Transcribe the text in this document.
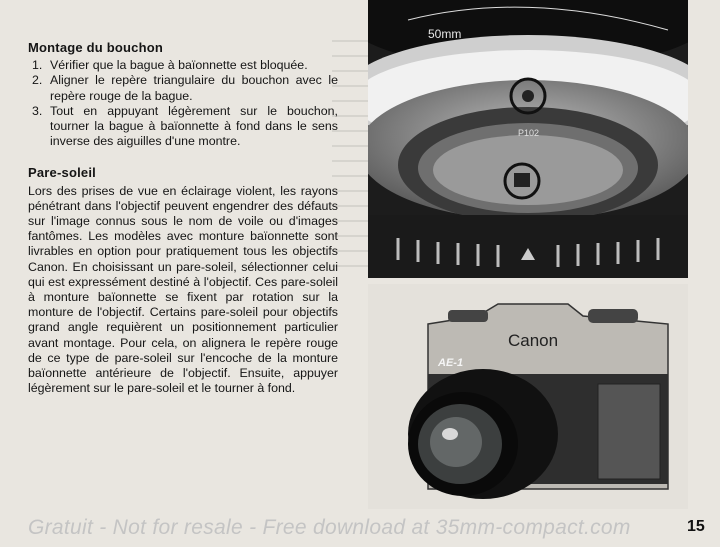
Montage du bouchon
1. Vérifier que la bague à baïonnette est bloquée.
2. Aligner le repère triangulaire du bouchon avec le repère rouge de la bague.
3. Tout en appuyant légèrement sur le bouchon, tourner la bague à baïonnette à fond dans le sens inverse des aiguilles d'une montre.
Pare-soleil

Lors des prises de vue en éclairage violent, les rayons pénétrant dans l'objectif peuvent engendrer des défauts sur l'image connus sous le nom de voile ou d'images fantômes. Les modèles avec monture baïonnette sont livrables en option pour pratiquement tous les objectifs Canon. En choisissant un pare-soleil, sélectionner celui qui est expressément destiné à l'objectif. Ces pare-soleil à monture baïonnette se fixent par rotation sur la monture de l'objectif. Certains pare-soleil pour objectifs grand angle requièrent un positionnement particulier avant montage. Pour cela, on alignera le repère rouge de ce type de pare-soleil sur l'encoche de la monture baïonnette antérieure de l'objectif. Ensuite, appuyer légèrement sur le pare-soleil et le tourner à fond.

50mm
P102
Canon
AE-1
Gratuit - Not for resale - Free download at 35mm-compact.com	15
